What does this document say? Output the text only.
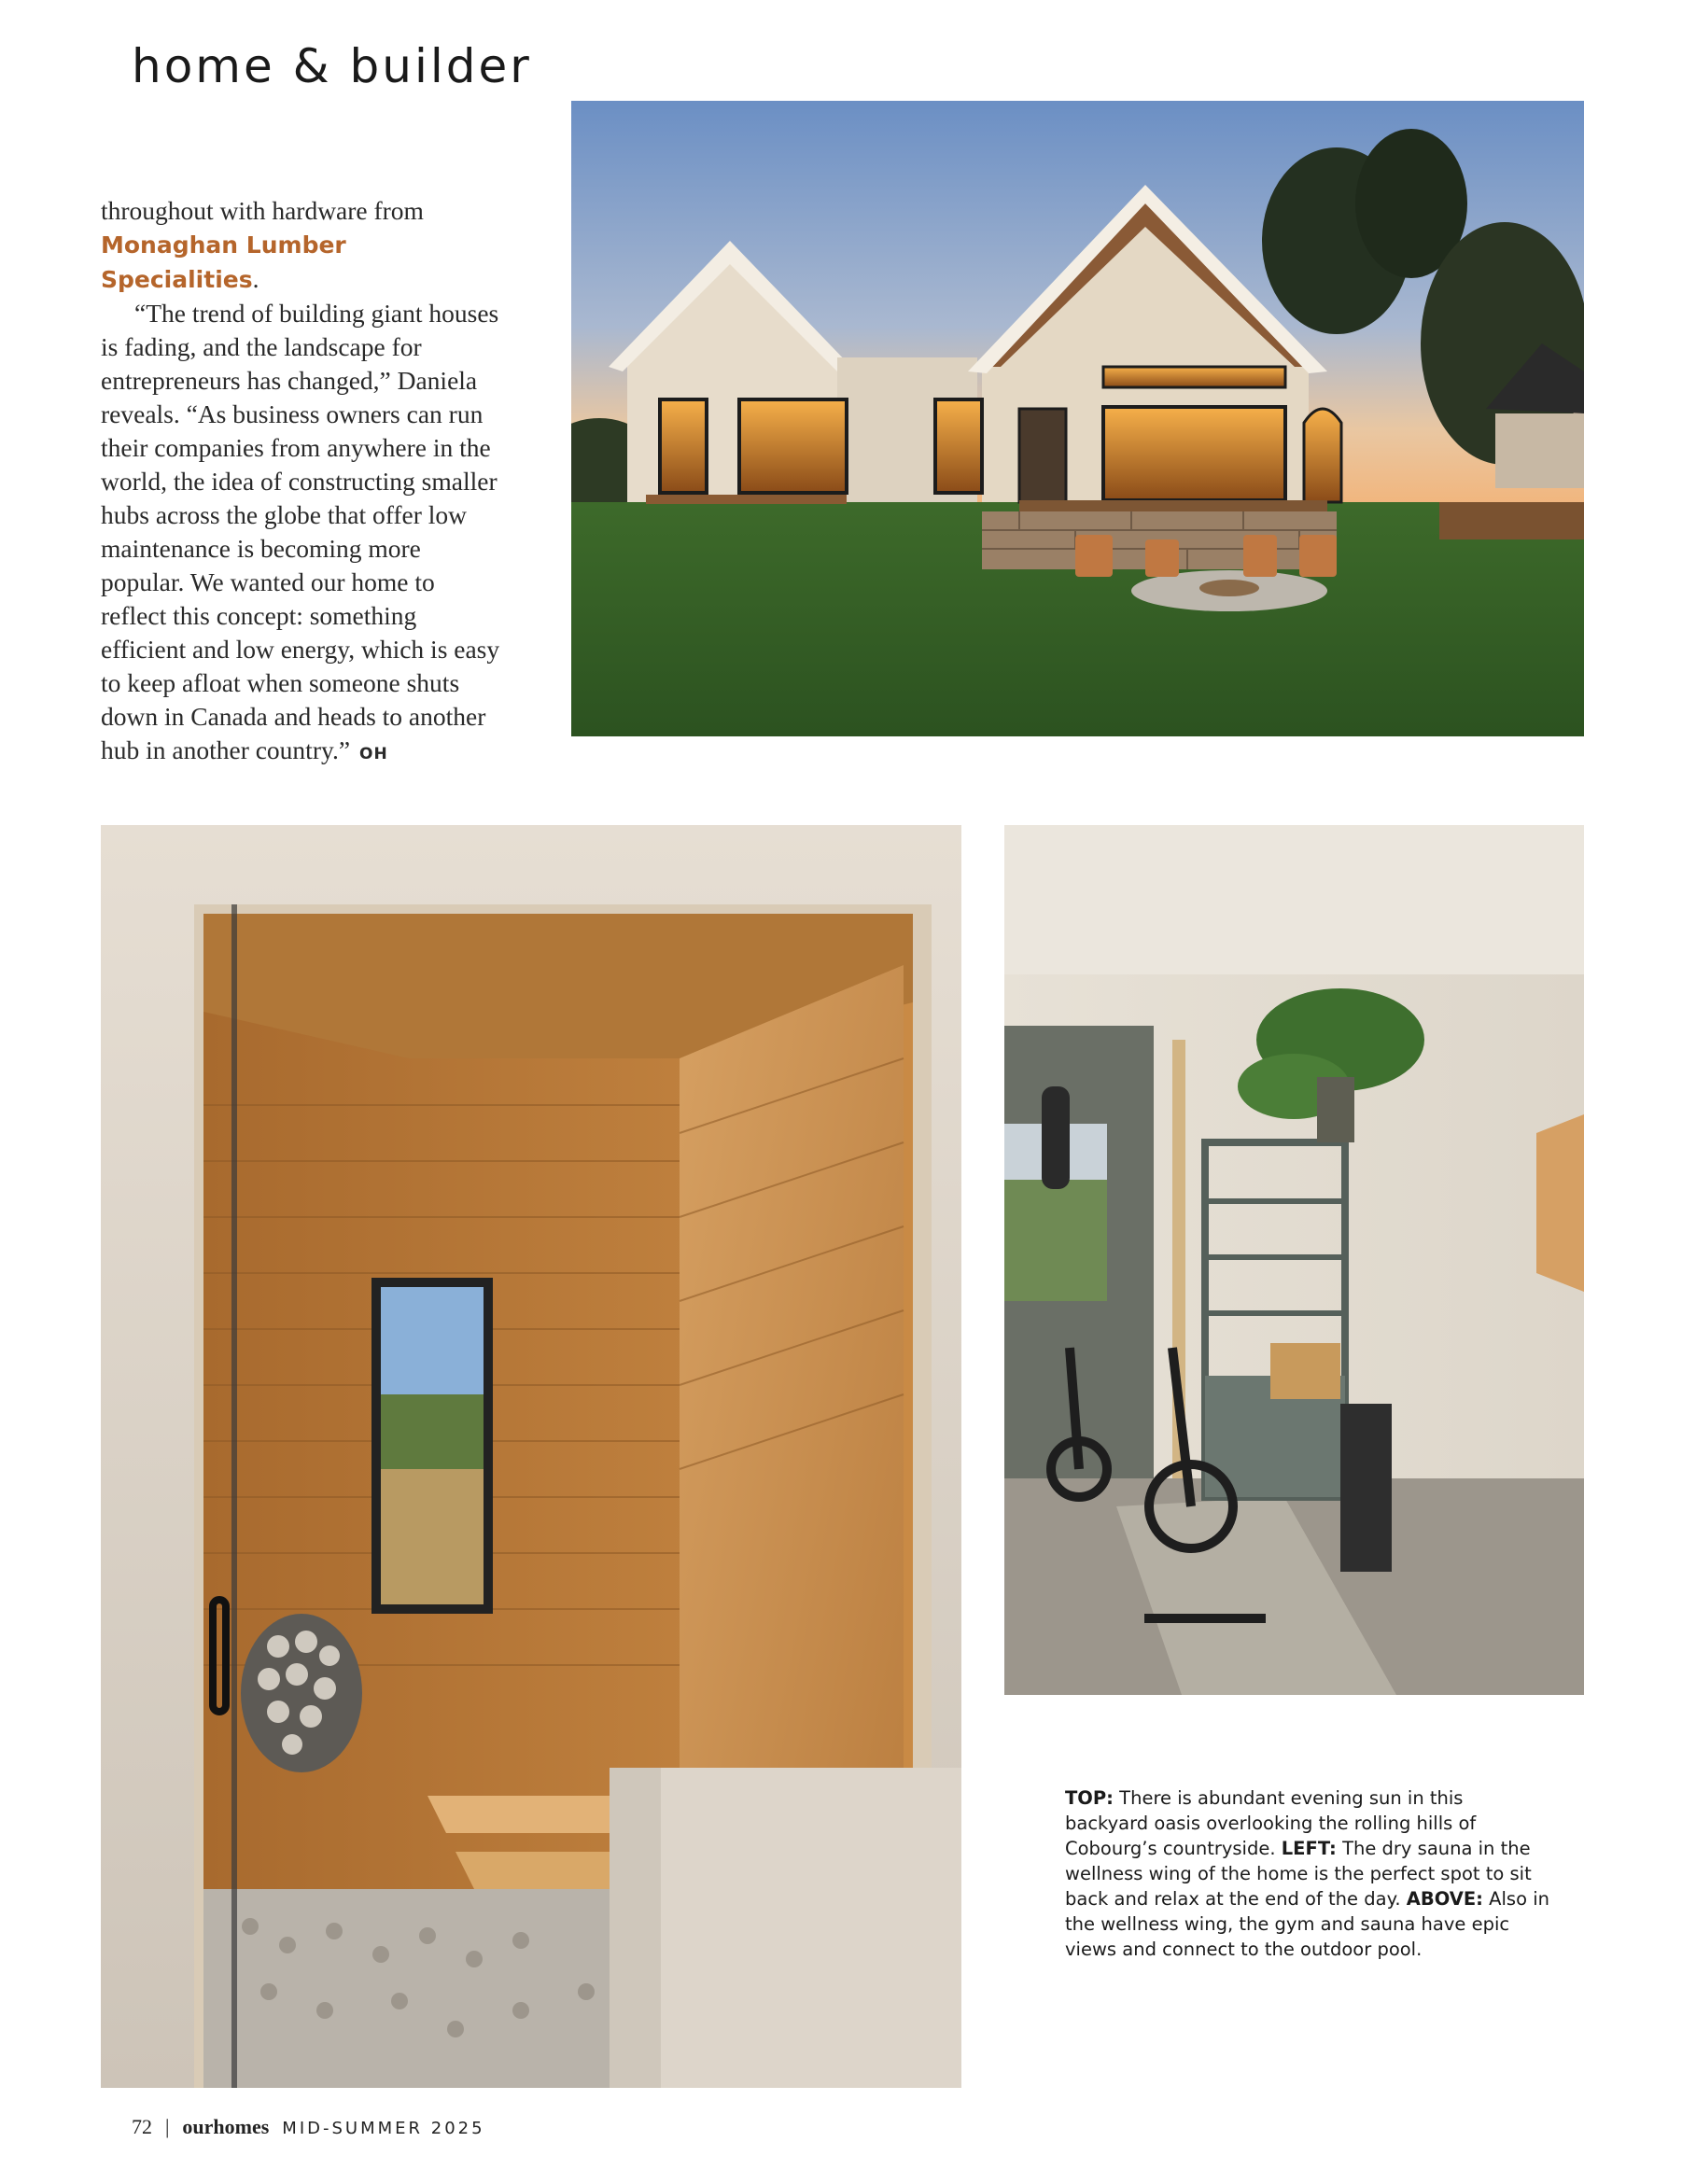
home & builder

throughout with hardware from Monaghan Lumber Specialities.

“The trend of building giant houses is fading, and the landscape for entrepreneurs has changed,” Daniela reveals. “As business owners can run their companies from anywhere in the world, the idea of constructing smaller hubs across the globe that offer low maintenance is becoming more popular. We wanted our home to reflect this concept: something efficient and low energy, which is easy to keep afloat when someone shuts down in Canada and heads to another hub in another country.” OH

TOP: There is abundant evening sun in this backyard oasis overlooking the rolling hills of Cobourg’s countryside. LEFT: The dry sauna in the wellness wing of the home is the perfect spot to sit back and relax at the end of the day. ABOVE: Also in the wellness wing, the gym and sauna have epic views and connect to the outdoor pool.
72 | ourhomes MID-SUMMER 2025
